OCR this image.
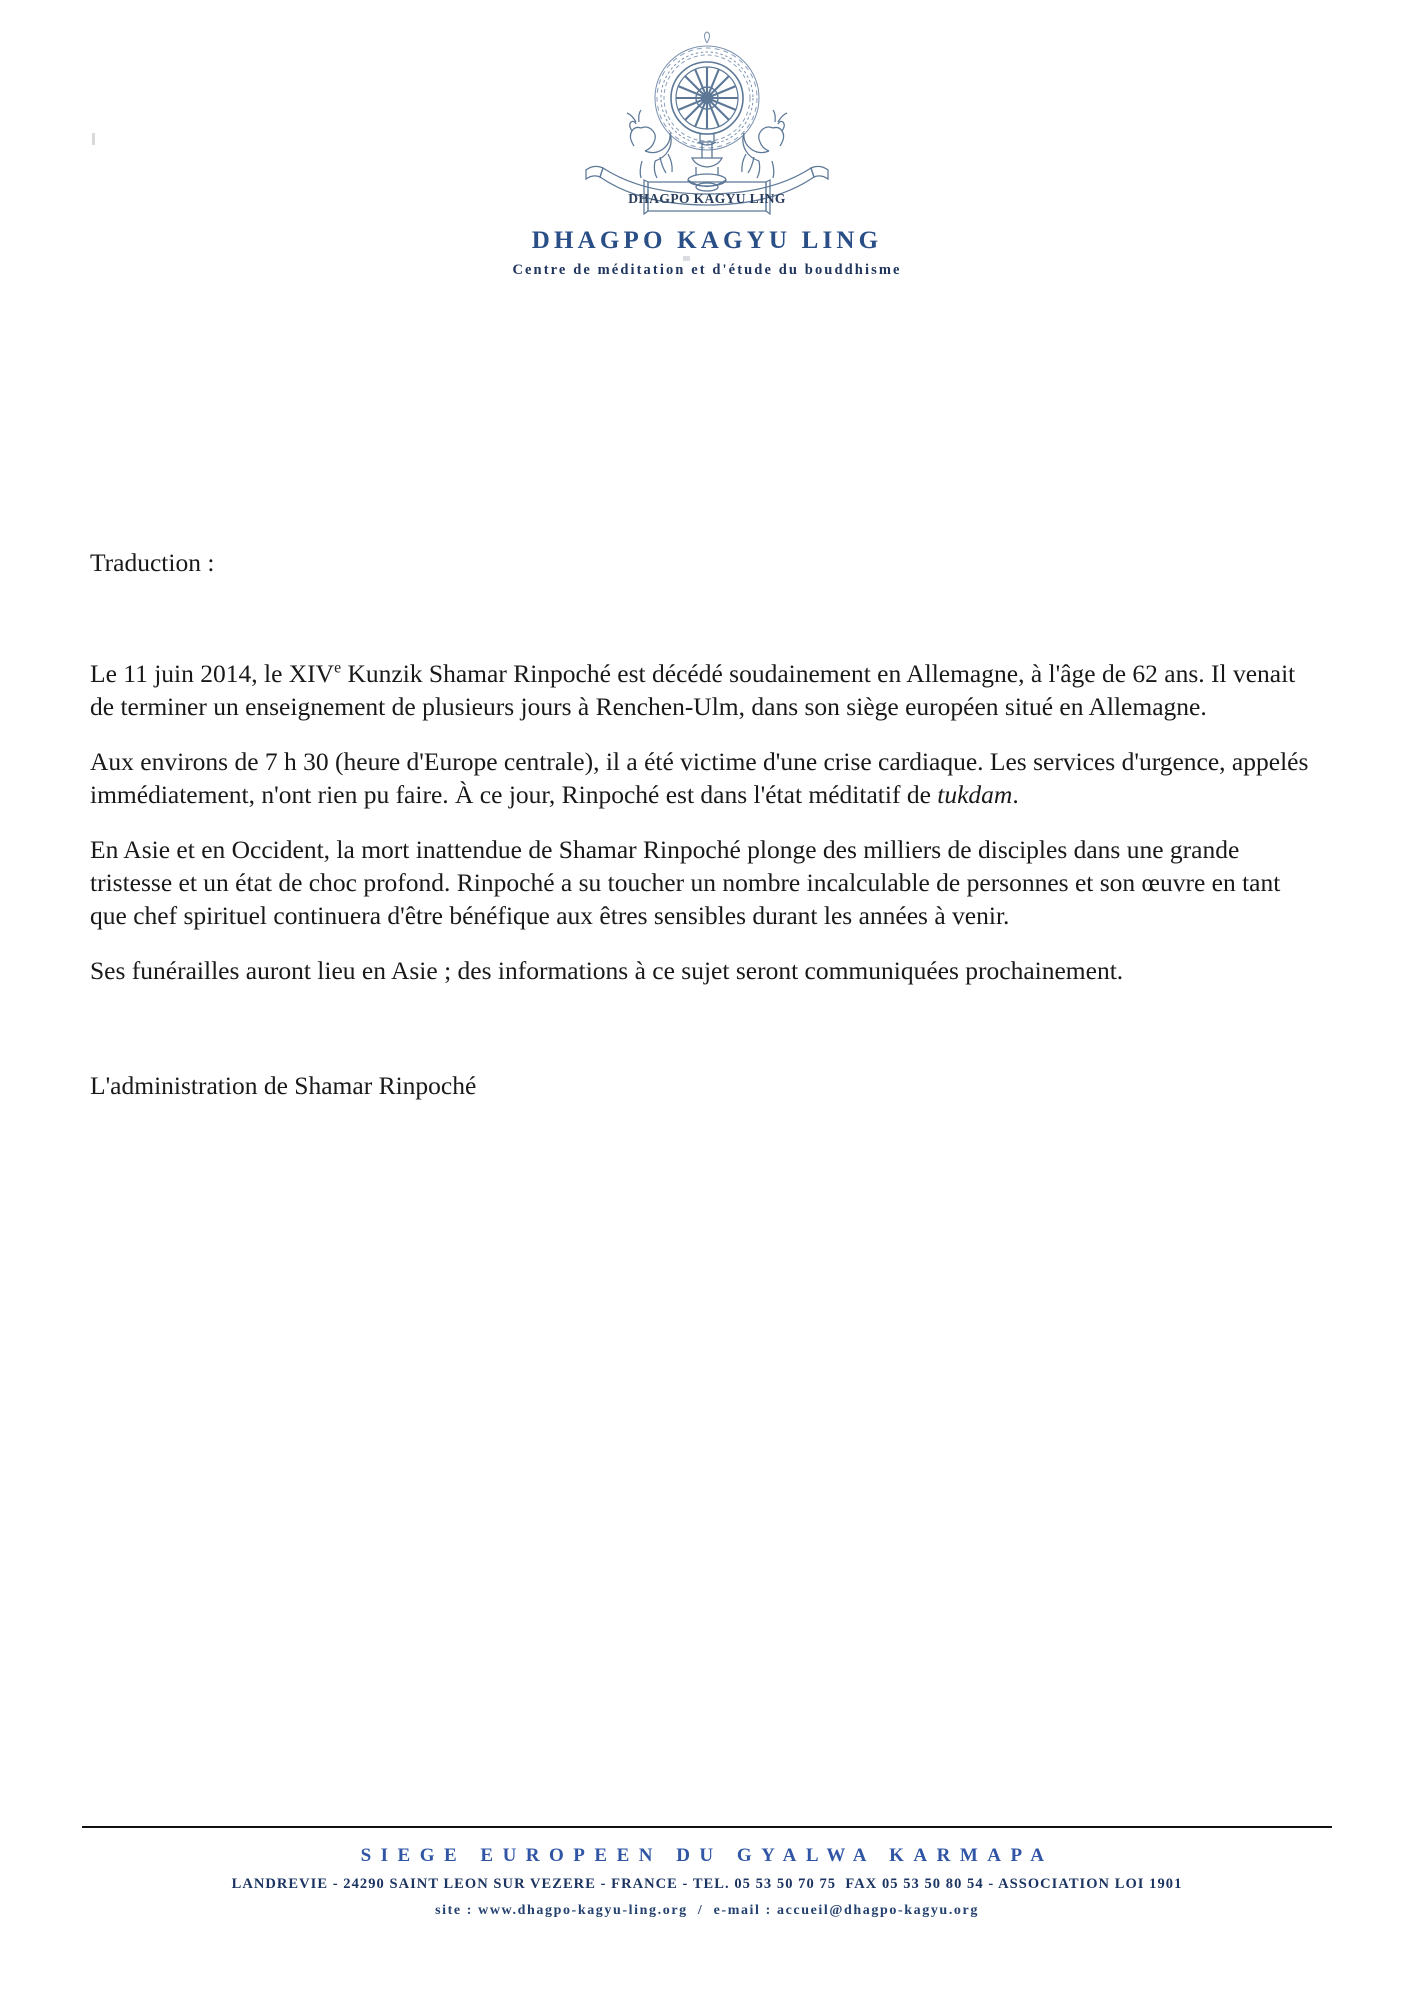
DHAGPO KAGYU LING
DHAGPO KAGYU LING
Centre de méditation et d'étude du bouddhisme

Traduction :

Le 11 juin 2014, le XIVe Kunzik Shamar Rinpoché est décédé soudainement en Allemagne, à l'âge de 62 ans. Il venait de terminer un enseignement de plusieurs jours à Renchen-Ulm, dans son siège européen situé en Allemagne.

Aux environs de 7 h 30 (heure d'Europe centrale), il a été victime d'une crise cardiaque. Les services d'urgence, appelés immédiatement, n'ont rien pu faire. À ce jour, Rinpoché est dans l'état méditatif de tukdam.

En Asie et en Occident, la mort inattendue de Shamar Rinpoché plonge des milliers de disciples dans une grande tristesse et un état de choc profond. Rinpoché a su toucher un nombre incalculable de personnes et son œuvre en tant que chef spirituel continuera d'être bénéfique aux êtres sensibles durant les années à venir.

Ses funérailles auront lieu en Asie ; des informations à ce sujet seront communiquées prochainement.

L'administration de Shamar Rinpoché

SIEGE EUROPEEN DU GYALWA KARMAPA
LANDREVIE - 24290 SAINT LEON SUR VEZERE - FRANCE - TEL. 05 53 50 70 75  FAX 05 53 50 80 54 - ASSOCIATION LOI 1901
site : www.dhagpo-kagyu-ling.org  /  e-mail : accueil@dhagpo-kagyu.org
